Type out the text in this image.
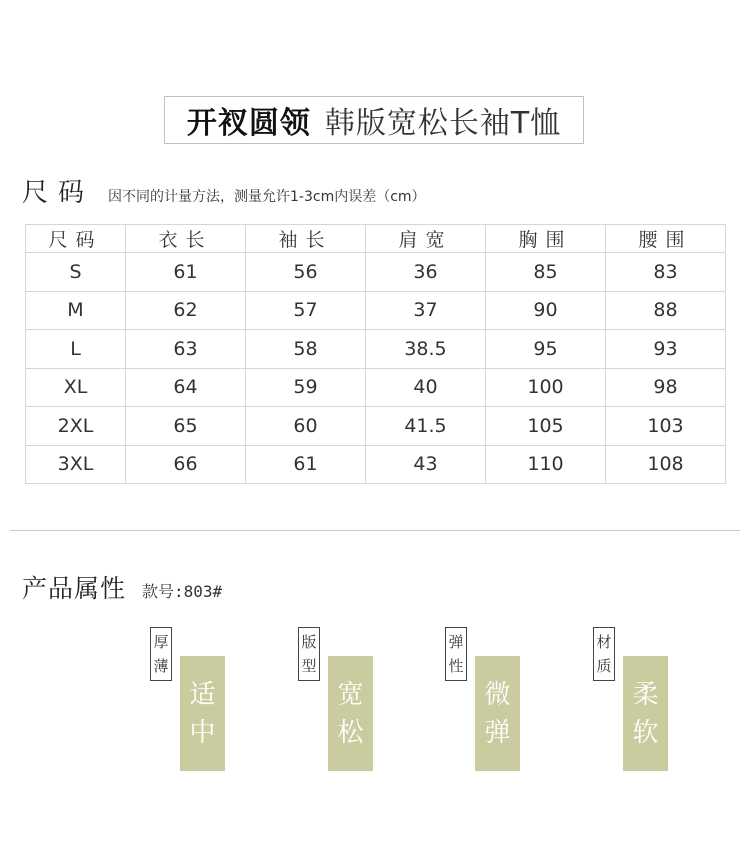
开衩圆领 韩版宽松长袖T恤
尺码 因不同的计量方法，测量允许1-3cm内误差（cm）
尺码	衣长	袖长	肩宽	胸围	腰围
S	61	56	36	85	83
M	62	57	37	90	88
L	63	58	38.5	95	93
XL	64	59	40	100	98
2XL	65	60	41.5	105	103
3XL	66	61	43	110	108
产品属性 款号:803#
厚
薄
适
中
版
型
宽
松
弹
性
微
弹
材
质
柔
软
